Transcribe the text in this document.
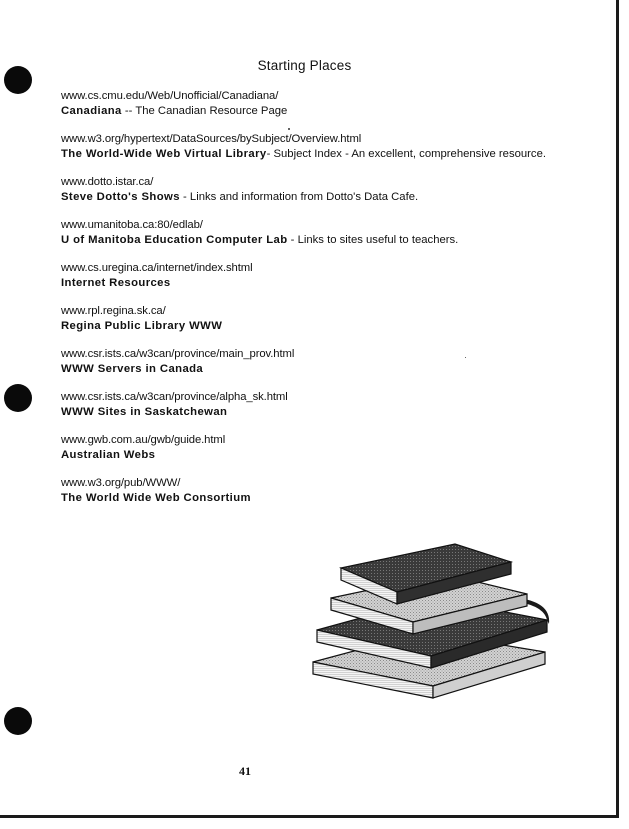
Starting Places
www.cs.cmu.edu/Web/Unofficial/Canadiana/
Canadiana -- The Canadian Resource Page
www.w3.org/hypertext/DataSources/bySubject/Overview.html
The World-Wide Web Virtual Library- Subject Index - An excellent, comprehensive resource.
www.dotto.istar.ca/
Steve Dotto's Shows - Links and information from Dotto's Data Cafe.
www.umanitoba.ca:80/edlab/
U of Manitoba Education Computer Lab - Links to sites useful to teachers.
www.cs.uregina.ca/internet/index.shtml
Internet Resources
www.rpl.regina.sk.ca/
Regina Public Library WWW
www.csr.ists.ca/w3can/province/main_prov.html
WWW Servers in Canada
www.csr.ists.ca/w3can/province/alpha_sk.html
WWW Sites in Saskatchewan
www.gwb.com.au/gwb/guide.html
Australian Webs
www.w3.org/pub/WWW/
The World Wide Web Consortium
41
